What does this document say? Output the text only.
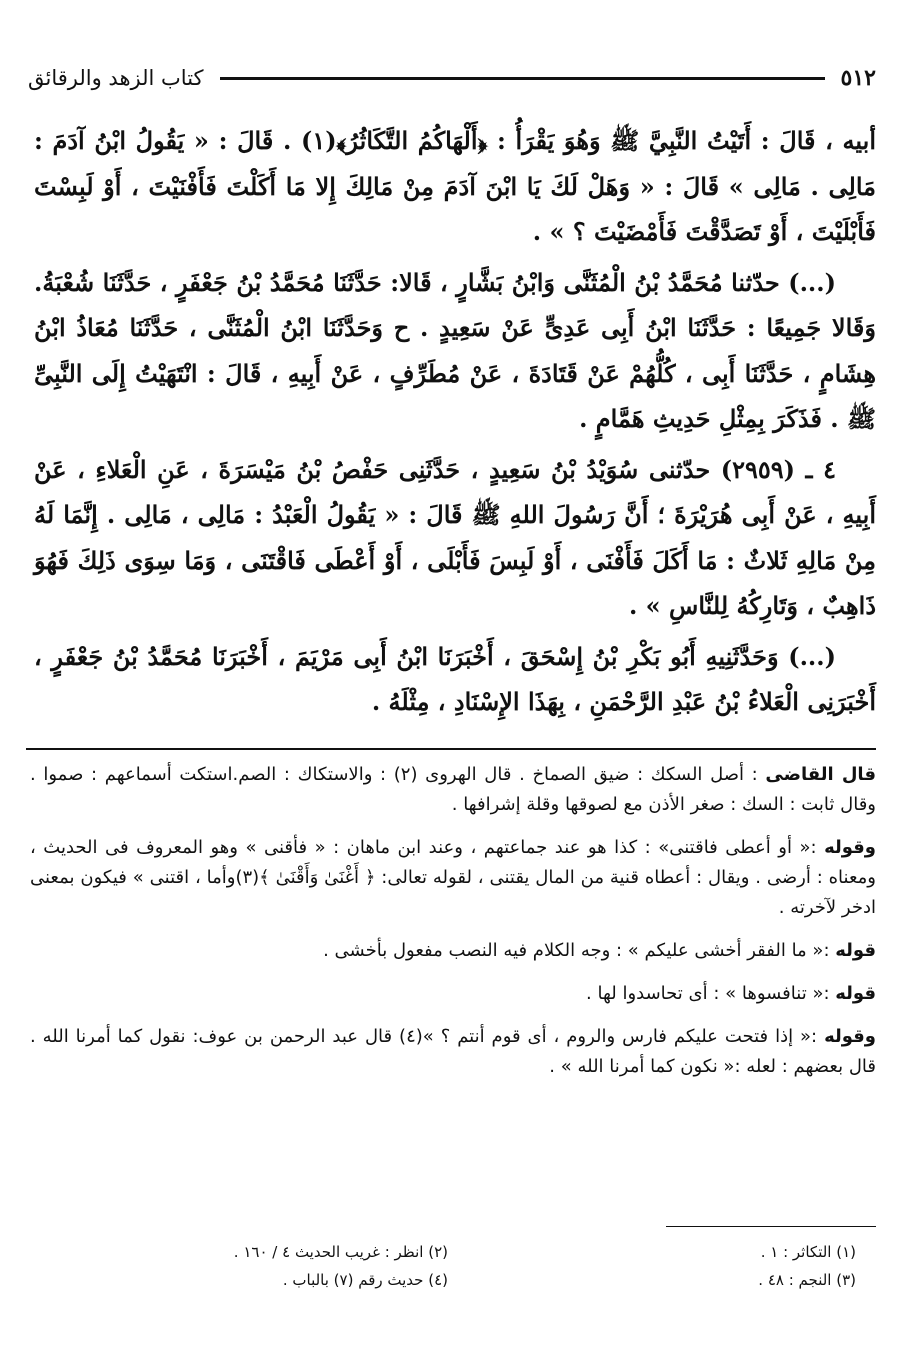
٥١٢
كتاب الزهد والرقائق

أبيه ، قَالَ : أَتَيْتُ النَّبِيَّ ﷺ وَهُوَ يَقْرَأُ : ﴿أَلْهَاكُمُ التَّكَاثُرُ﴾(١) . قَالَ : « يَقُولُ ابْنُ آدَمَ : مَالِى . مَالِى » قَالَ : « وَهَلْ لَكَ يَا ابْنَ آدَمَ مِنْ مَالِكَ إِلا مَا أَكَلْتَ فَأَفْنَيْتَ ، أَوْ لَبِسْتَ فَأَبْلَيْتَ ، أَوْ تَصَدَّقْتَ فَأَمْضَيْتَ ؟ » .

(...) حدّثنا مُحَمَّدُ بْنُ الْمُثَنَّى وَابْنُ بَشَّارٍ ، قَالا: حَدَّثَنَا مُحَمَّدُ بْنُ جَعْفَرٍ ، حَدَّثَنَا شُعْبَةُ. وَقَالا جَمِيعًا : حَدَّثَنَا ابْنُ أَبِى عَدِىٍّ عَنْ سَعِيدٍ . ح وَحَدَّثَنَا ابْنُ الْمُثَنَّى ، حَدَّثَنَا مُعَاذُ ابْنُ هِشَامٍ ، حَدَّثَنَا أَبِى ، كُلُّهُمْ عَنْ قَتَادَةَ ، عَنْ مُطَرِّفٍ ، عَنْ أَبِيهِ ، قَالَ : انْتَهَيْتُ إِلَى النَّبِىِّ ﷺ . فَذَكَرَ بِمِثْلِ حَدِيثِ هَمَّامٍ .

٤ ـ (٢٩٥٩) حدّثنى سُوَيْدُ بْنُ سَعِيدٍ ، حَدَّثَنِى حَفْصُ بْنُ مَيْسَرَةَ ، عَنِ الْعَلاءِ ، عَنْ أَبِيهِ ، عَنْ أَبِى هُرَيْرَةَ ؛ أَنَّ رَسُولَ اللهِ ﷺ قَالَ : « يَقُولُ الْعَبْدُ : مَالِى ، مَالِى . إِنَّمَا لَهُ مِنْ مَالِهِ ثَلاثٌ : مَا أَكَلَ فَأَفْنَى ، أَوْ لَبِسَ فَأَبْلَى ، أَوْ أَعْطَى فَاقْتَنَى ، وَمَا سِوَى ذَلِكَ فَهُوَ ذَاهِبٌ ، وَتَارِكُهُ لِلنَّاسِ » .

(...) وَحَدَّثَنِيهِ أَبُو بَكْرِ بْنُ إِسْحَقَ ، أَخْبَرَنَا ابْنُ أَبِى مَرْيَمَ ، أَخْبَرَنَا مُحَمَّدُ بْنُ جَعْفَرٍ ، أَخْبَرَنِى الْعَلاءُ بْنُ عَبْدِ الرَّحْمَنِ ، بِهَذَا الإِسْنَادِ ، مِثْلَهُ .

قال القاضى : أصل السكك : ضيق الصماخ . قال الهروى (٢) : والاستكاك : الصم.استكت أسماعهم : صموا . وقال ثابت : السك : صغر الأذن مع لصوقها وقلة إشرافها .

وقوله :« أو أعطى فاقتنى» : كذا هو عند جماعتهم ، وعند ابن ماهان : « فأقنى » وهو المعروف فى الحديث ، ومعناه : أرضى . ويقال : أعطاه قنية من المال يقتنى ، لقوله تعالى: ﴿ أَغْنَىٰ وَأَقْنَىٰ ﴾(٣)وأما ، اقتنى » فيكون بمعنى ادخر لآخرته .

قوله :« ما الفقر أخشى عليكم » : وجه الكلام فيه النصب مفعول بأخشى .

قوله :« تنافسوها » : أى تحاسدوا لها .

وقوله :« إذا فتحت عليكم فارس والروم ، أى قوم أنتم ؟ »(٤) قال عبد الرحمن بن عوف: نقول كما أمرنا الله . قال بعضهم : لعله :« نكون كما أمرنا الله » .

(١) التكاثر : ١ .
(٢) انظر : غريب الحديث ٤ / ١٦٠ .
(٣) النجم : ٤٨ .
(٤) حديث رقم (٧) بالباب .
